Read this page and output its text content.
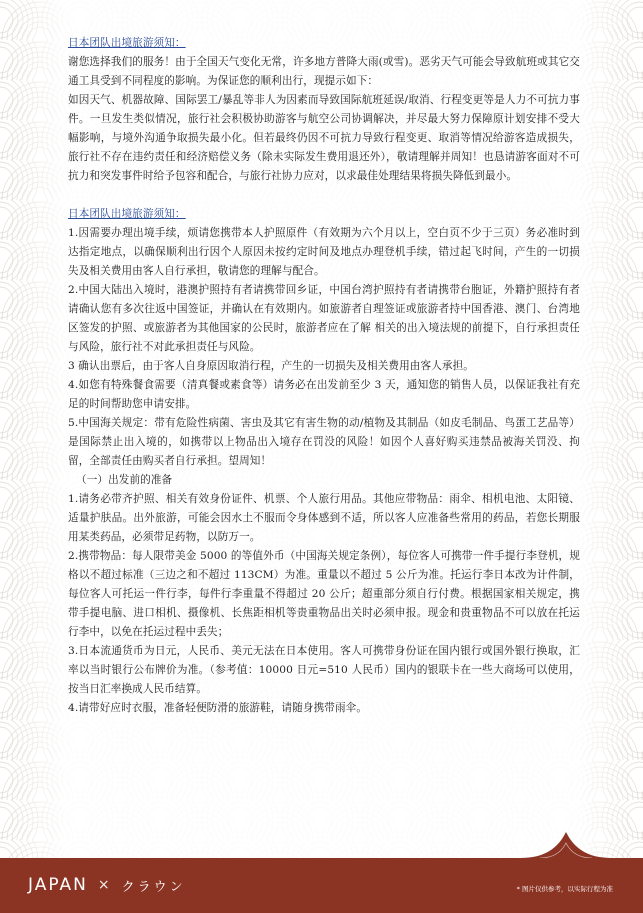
日本团队出境旅游须知：

谢您选择我们的服务！由于全国天气变化无常，许多地方普降大雨(或雪)。恶劣天气可能会导致航班或其它交通工具受到不同程度的影响。为保证您的顺利出行，现提示如下：

如因天气、机器故障、国际罢工/暴乱等非人为因素而导致国际航班延误/取消、行程变更等是人力不可抗力事件。一旦发生类似情况，旅行社会积极协助游客与航空公司协调解决，并尽最大努力保障原计划安排不受大幅影响，与境外沟通争取损失最小化。但若最终仍因不可抗力导致行程变更、取消等情况给游客造成损失，旅行社不存在违约责任和经济赔偿义务（除未实际发生费用退还外），敬请理解并周知！也恳请游客面对不可抗力和突发事件时给予包容和配合，与旅行社协力应对，以求最佳处理结果将损失降低到最小。

日本团队出境旅游须知：

1.因需要办理出境手续，烦请您携带本人护照原件（有效期为六个月以上，空白页不少于三页）务必准时到达指定地点，以确保顺利出行因个人原因未按约定时间及地点办理登机手续，错过起飞时间，产生的一切损失及相关费用由客人自行承担，敬请您的理解与配合。

2.中国大陆出入境时，港澳护照持有者请携带回乡证，中国台湾护照持有者请携带台胞证，外籍护照持有者请确认您有多次往返中国签证，并确认在有效期内。如旅游者自理签证或旅游者持中国香港、澳门、台湾地区签发的护照、或旅游者为其他国家的公民时，旅游者应在了解 相关的出入境法规的前提下，自行承担责任与风险，旅行社不对此承担责任与风险。

3 确认出票后，由于客人自身原因取消行程，产生的一切损失及相关费用由客人承担。

4.如您有特殊餐食需要（清真餐或素食等）请务必在出发前至少 3 天，通知您的销售人员，以保证我社有充足的时间帮助您申请安排。

5.中国海关规定：带有危险性病菌、害虫及其它有害生物的动/植物及其制品（如皮毛制品、鸟蛋工艺品等）是国际禁止出入境的，如携带以上物品出入境存在罚没的风险！如因个人喜好购买违禁品被海关罚没、拘留，全部责任由购买者自行承担。望周知！

（一）出发前的准备

1.请务必带齐护照、相关有效身份证件、机票、个人旅行用品。其他应带物品：雨伞、相机电池、太阳镜、适量护肤品。出外旅游，可能会因水土不服而令身体感到不适，所以客人应准备些常用的药品，若您长期服用某类药品，必须带足药物，以防万一。

2.携带物品：每人限带美金 5000 的等值外币（中国海关规定条例），每位客人可携带一件手提行李登机，规格以不超过标准（三边之和不超过 113CM）为准。重量以不超过 5 公斤为准。托运行李日本改为计件制，每位客人可托运一件行李，每件行李重量不得超过 20 公斤；超重部分须自行付费。根据国家相关规定，携带手提电脑、进口相机、摄像机、长焦距相机等贵重物品出关时必须申报。现金和贵重物品不可以放在托运行李中，以免在托运过程中丢失；

3.日本流通货币为日元，人民币、美元无法在日本使用。客人可携带身份证在国内银行或国外银行换取，汇率以当时银行公布牌价为准。（参考值：10000 日元=510 人民币）国内的银联卡在一些大商场可以使用，按当日汇率换成人民币结算。

4.请带好应时衣服，准备轻便防滑的旅游鞋，请随身携带雨伞。

JAPAN × クラウン	* 图片仅供参考，以实际行程为准
